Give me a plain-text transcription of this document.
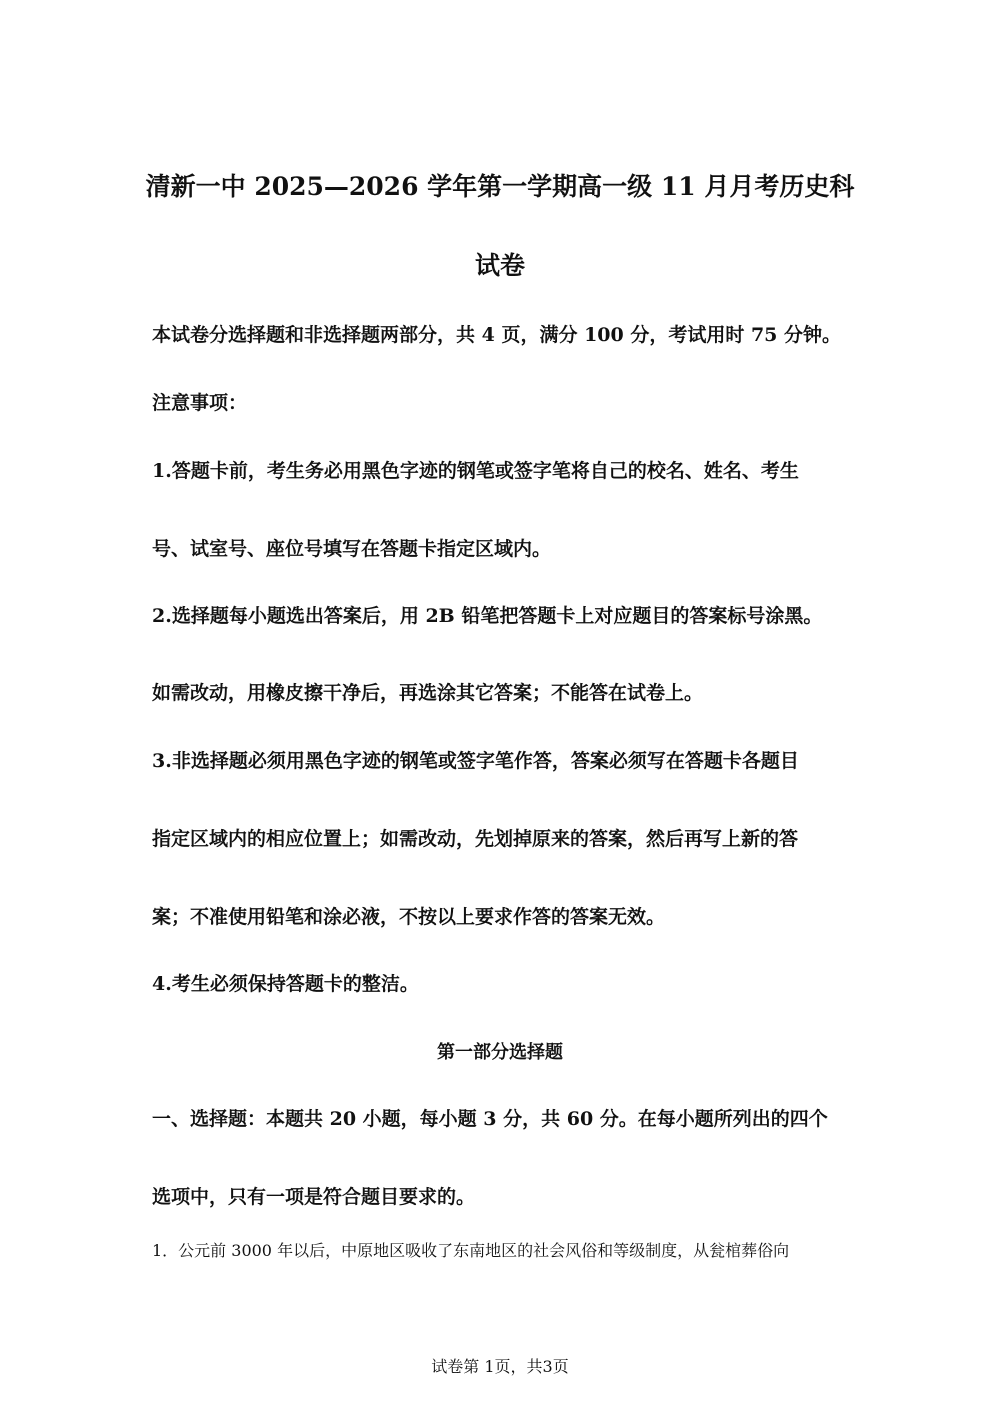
清新一中 2025—2026 学年第一学期高一级 11 月月考历史科
试卷
本试卷分选择题和非选择题两部分，共 4 页，满分 100 分，考试用时 75 分钟。
注意事项：
1.答题卡前，考生务必用黑色字迹的钢笔或签字笔将自己的校名、姓名、考生
号、试室号、座位号填写在答题卡指定区域内。
2.选择题每小题选出答案后，用 2B 铅笔把答题卡上对应题目的答案标号涂黑。
如需改动，用橡皮擦干净后，再选涂其它答案；不能答在试卷上。
3.非选择题必须用黑色字迹的钢笔或签字笔作答，答案必须写在答题卡各题目
指定区域内的相应位置上；如需改动，先划掉原来的答案，然后再写上新的答
案；不准使用铅笔和涂必液，不按以上要求作答的答案无效。
4.考生必须保持答题卡的整洁。
第一部分选择题
一、选择题：本题共 20 小题，每小题 3 分，共 60 分。在每小题所列出的四个
选项中，只有一项是符合题目要求的。
1．公元前 3000 年以后，中原地区吸收了东南地区的社会风俗和等级制度，从瓮棺葬俗向
试卷第 1页，共3页
